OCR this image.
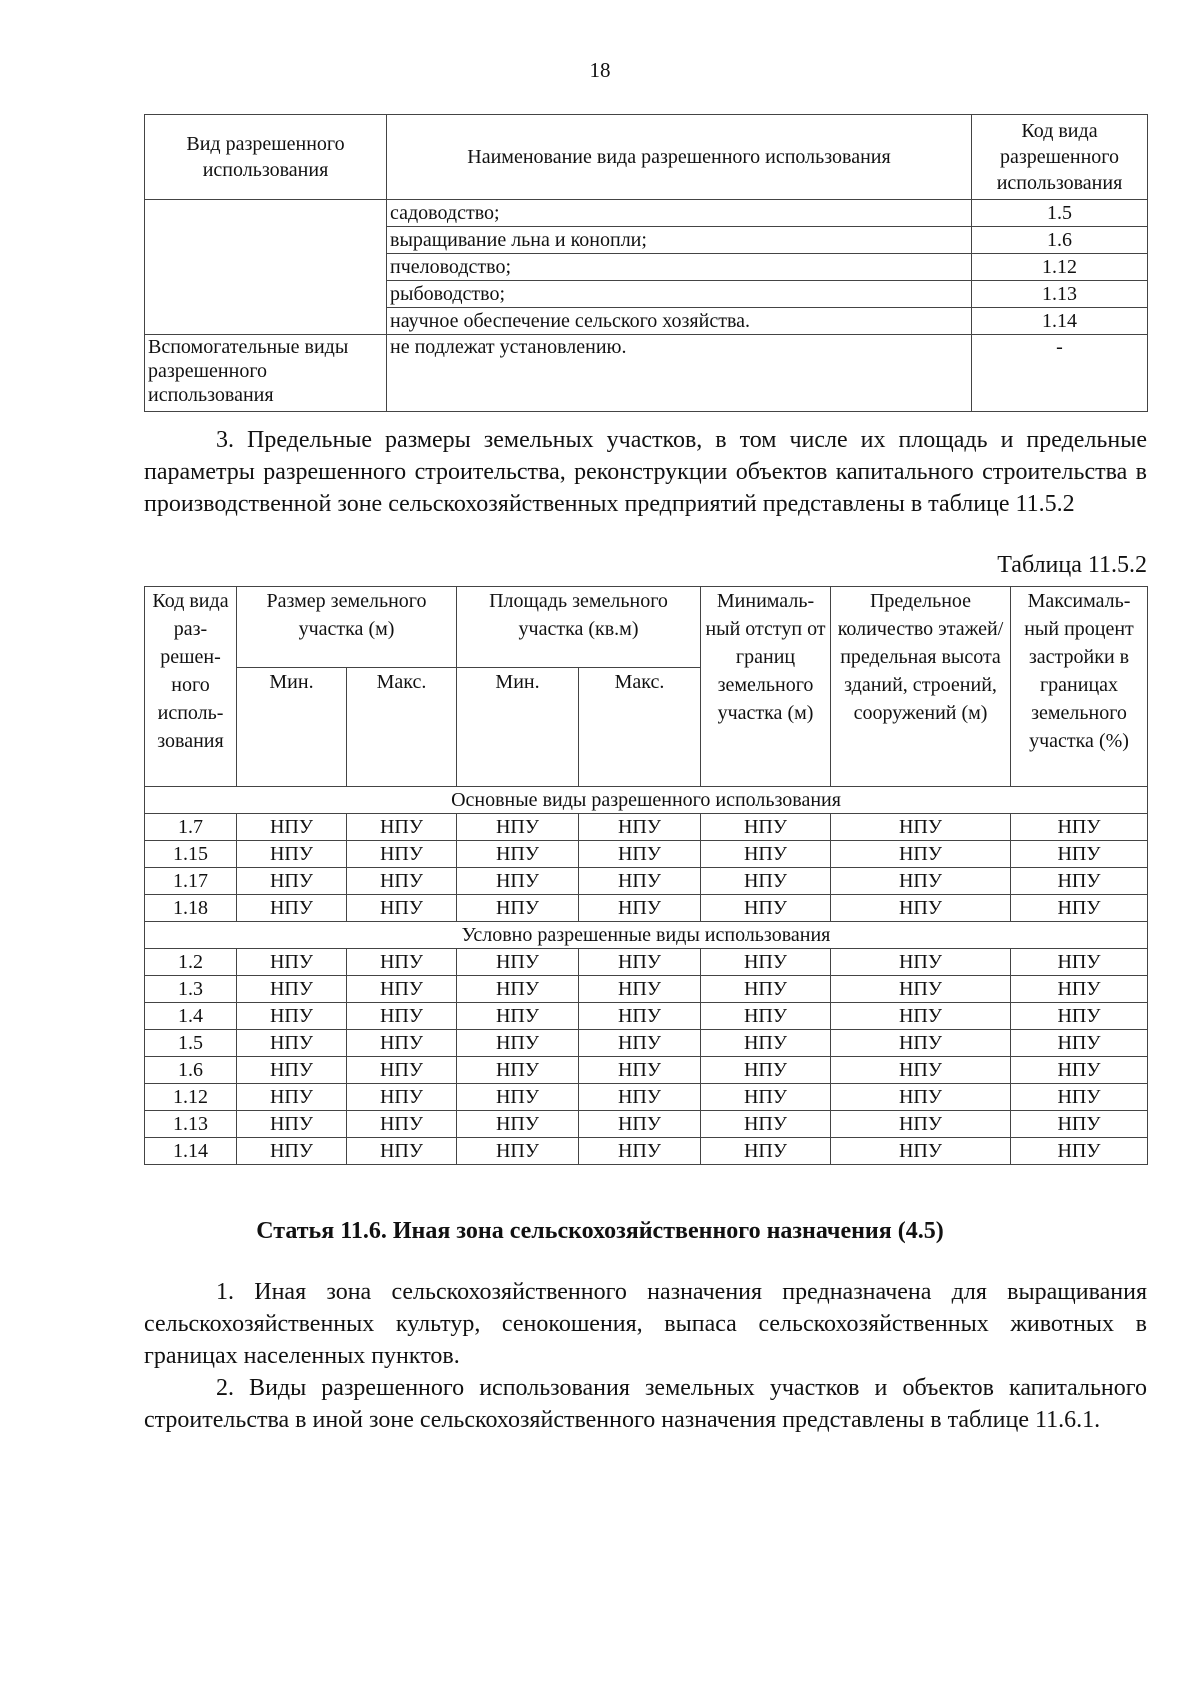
18
Вид разрешенного использования	Наименование вида разрешенного использования	Код вида разрешенного использования
	садоводство;	1.5
	выращивание льна и конопли;	1.6
	пчеловодство;	1.12
	рыбоводство;	1.13
	научное обеспечение сельского хозяйства.	1.14
Вспомогательные виды разрешенного использования	не подлежат установлению.	-

3. Предельные размеры земельных участков, в том числе их площадь и предельные параметры разрешенного строительства, реконструкции объектов капитального строительства в производственной зоне сельскохозяйственных предприятий представлены в таблице 11.5.2

Таблица 11.5.2
Код вида раз- решен- ного исполь- зования	Размер земельного участка (м)		Площадь земельного участка (кв.м)		Минималь- ный отступ от границ земельного участка (м)	Предельное количество этажей/ предельная высота зданий, строений, сооружений (м)	Максималь- ный процент застройки в границах земельного участка (%)
	Мин.	Макс.	Мин.	Макс.			
Основные виды разрешенного использования							
1.7	НПУ	НПУ	НПУ	НПУ	НПУ	НПУ	НПУ
1.15	НПУ	НПУ	НПУ	НПУ	НПУ	НПУ	НПУ
1.17	НПУ	НПУ	НПУ	НПУ	НПУ	НПУ	НПУ
1.18	НПУ	НПУ	НПУ	НПУ	НПУ	НПУ	НПУ
Условно разрешенные виды использования							
1.2	НПУ	НПУ	НПУ	НПУ	НПУ	НПУ	НПУ
1.3	НПУ	НПУ	НПУ	НПУ	НПУ	НПУ	НПУ
1.4	НПУ	НПУ	НПУ	НПУ	НПУ	НПУ	НПУ
1.5	НПУ	НПУ	НПУ	НПУ	НПУ	НПУ	НПУ
1.6	НПУ	НПУ	НПУ	НПУ	НПУ	НПУ	НПУ
1.12	НПУ	НПУ	НПУ	НПУ	НПУ	НПУ	НПУ
1.13	НПУ	НПУ	НПУ	НПУ	НПУ	НПУ	НПУ
1.14	НПУ	НПУ	НПУ	НПУ	НПУ	НПУ	НПУ
Статья 11.6. Иная зона сельскохозяйственного назначения (4.5)

1. Иная зона сельскохозяйственного назначения предназначена для выращивания сельскохозяйственных культур, сенокошения, выпаса сельскохозяйственных животных в границах населенных пунктов.

2. Виды разрешенного использования земельных участков и объектов капитального строительства в иной зоне сельскохозяйственного назначения представлены в таблице 11.6.1.
